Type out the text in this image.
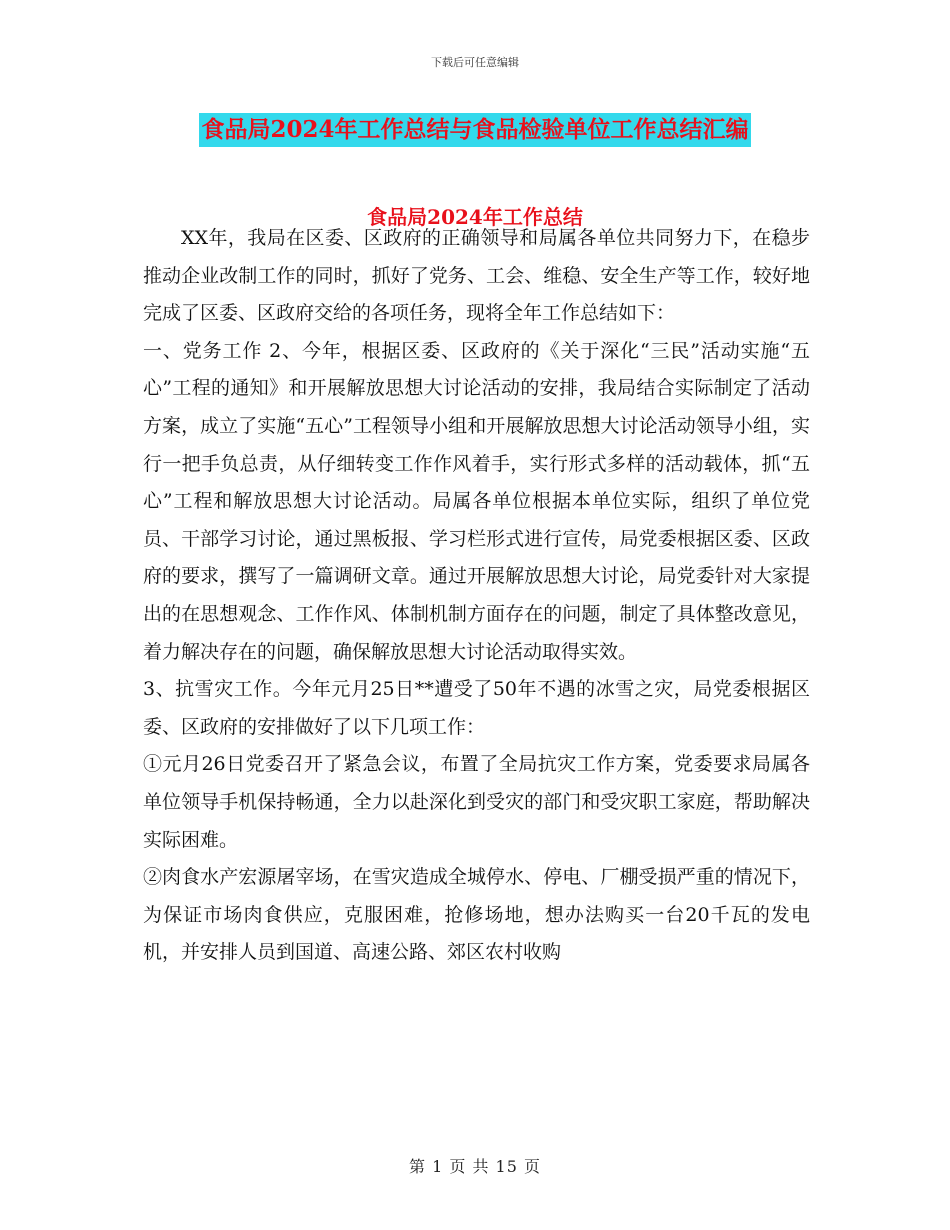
下载后可任意编辑
食品局2024年工作总结与食品检验单位工作总结汇编
食品局2024年工作总结

XX年，我局在区委、区政府的正确领导和局属各单位共同努力下，在稳步推动企业改制工作的同时，抓好了党务、工会、维稳、安全生产等工作，较好地完成了区委、区政府交给的各项任务，现将全年工作总结如下：

一、党务工作 2、今年，根据区委、区政府的《关于深化“三民”活动实施“五心”工程的通知》和开展解放思想大讨论活动的安排，我局结合实际制定了活动方案，成立了实施“五心”工程领导小组和开展解放思想大讨论活动领导小组，实行一把手负总责，从仔细转变工作作风着手，实行形式多样的活动载体，抓“五心”工程和解放思想大讨论活动。局属各单位根据本单位实际，组织了单位党员、干部学习讨论，通过黑板报、学习栏形式进行宣传，局党委根据区委、区政府的要求，撰写了一篇调研文章。通过开展解放思想大讨论，局党委针对大家提出的在思想观念、工作作风、体制机制方面存在的问题，制定了具体整改意见，着力解决存在的问题，确保解放思想大讨论活动取得实效。

3、抗雪灾工作。今年元月25日**遭受了50年不遇的冰雪之灾，局党委根据区委、区政府的安排做好了以下几项工作：

①元月26日党委召开了紧急会议，布置了全局抗灾工作方案，党委要求局属各单位领导手机保持畅通，全力以赴深化到受灾的部门和受灾职工家庭，帮助解决实际困难。

②肉食水产宏源屠宰场，在雪灾造成全城停水、停电、厂棚受损严重的情况下，为保证市场肉食供应，克服困难，抢修场地，想办法购买一台20千瓦的发电机，并安排人员到国道、高速公路、郊区农村收购

第 1 页 共 15 页
